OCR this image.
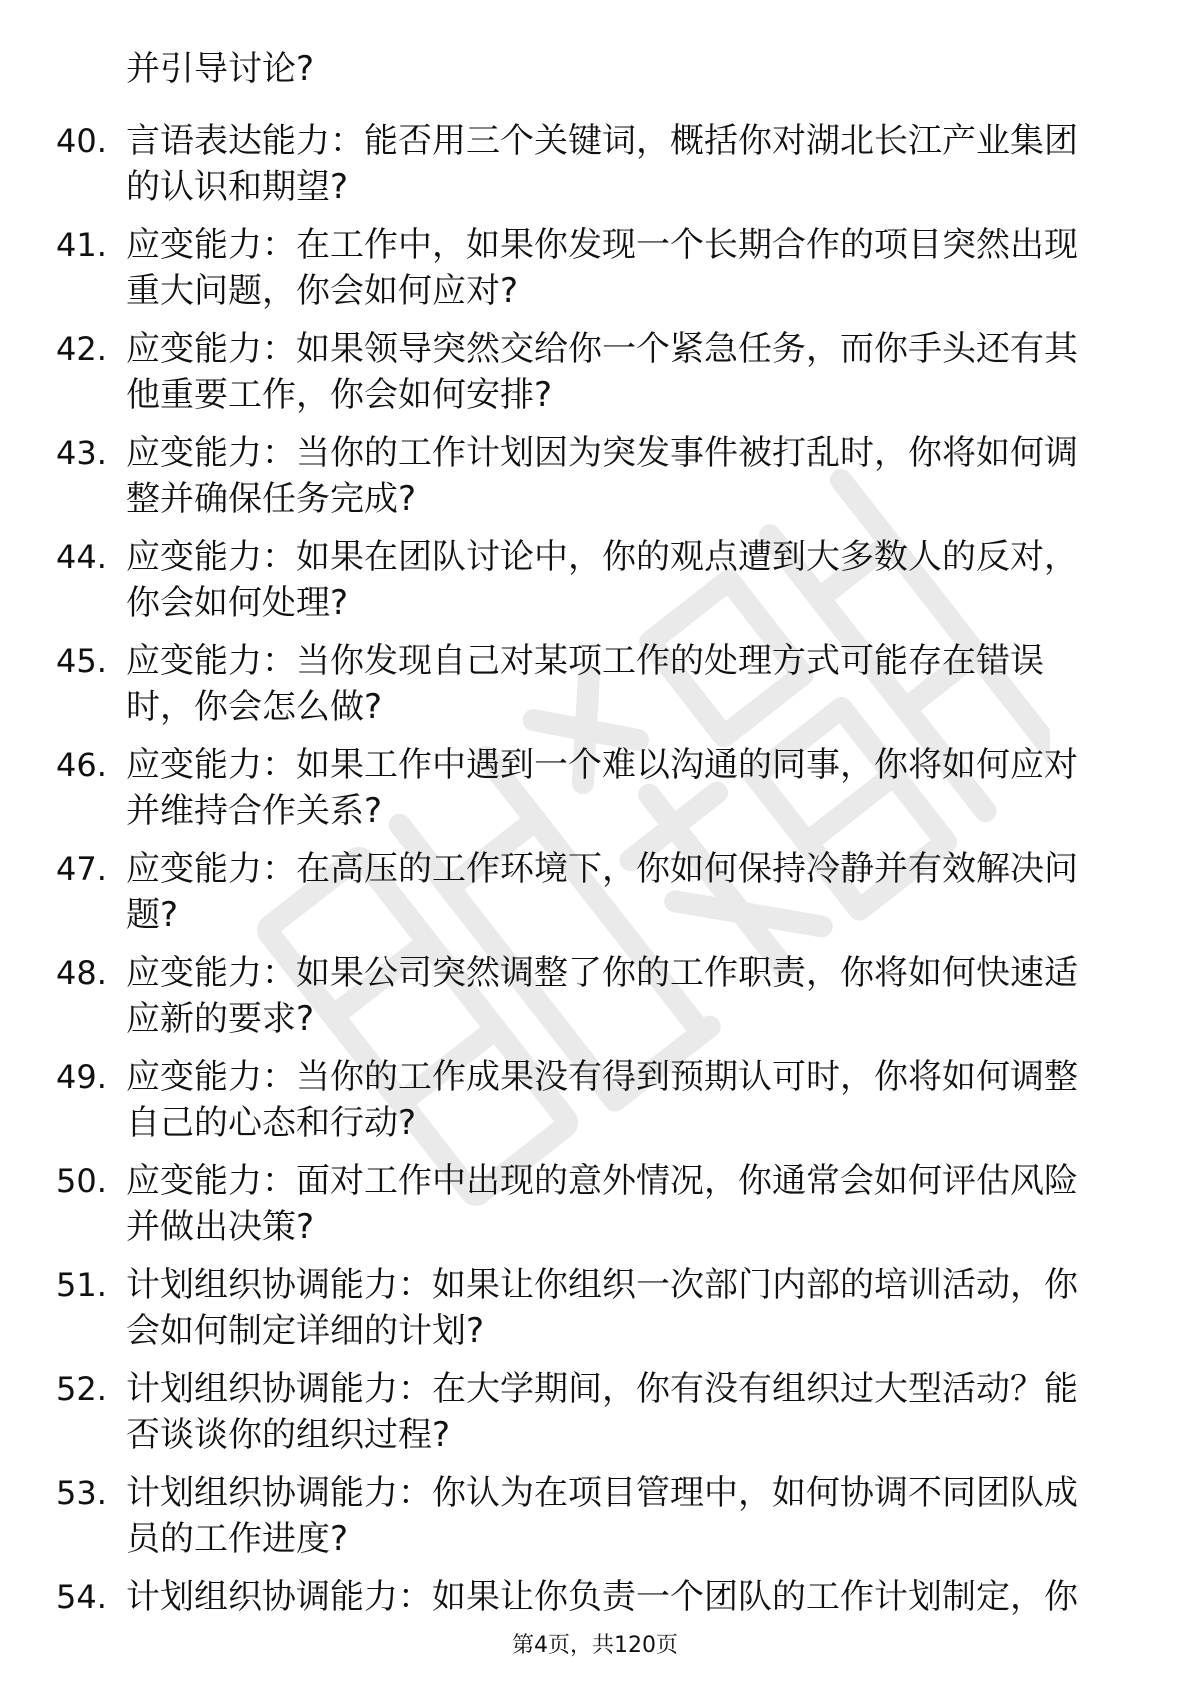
并引导讨论?
40. 言语表达能力：能否用三个关键词，概括你对湖北长江产业集团
的认识和期望?
41. 应变能力：在工作中，如果你发现一个长期合作的项目突然出现
重大问题，你会如何应对?
42. 应变能力：如果领导突然交给你一个紧急任务，而你手头还有其
他重要工作，你会如何安排?
43. 应变能力：当你的工作计划因为突发事件被打乱时，你将如何调
整并确保任务完成?
44. 应变能力：如果在团队讨论中，你的观点遭到大多数人的反对，
你会如何处理?
45. 应变能力：当你发现自己对某项工作的处理方式可能存在错误
时，你会怎么做?
46. 应变能力：如果工作中遇到一个难以沟通的同事，你将如何应对
并维持合作关系?
47. 应变能力：在高压的工作环境下，你如何保持冷静并有效解决问
题?
48. 应变能力：如果公司突然调整了你的工作职责，你将如何快速适
应新的要求?
49. 应变能力：当你的工作成果没有得到预期认可时，你将如何调整
自己的心态和行动?
50. 应变能力：面对工作中出现的意外情况，你通常会如何评估风险
并做出决策?
51. 计划组织协调能力：如果让你组织一次部门内部的培训活动，你
会如何制定详细的计划?
52. 计划组织协调能力：在大学期间，你有没有组织过大型活动？能
否谈谈你的组织过程?
53. 计划组织协调能力：你认为在项目管理中，如何协调不同团队成
员的工作进度?
54. 计划组织协调能力：如果让你负责一个团队的工作计划制定，你
第4页，共120页
